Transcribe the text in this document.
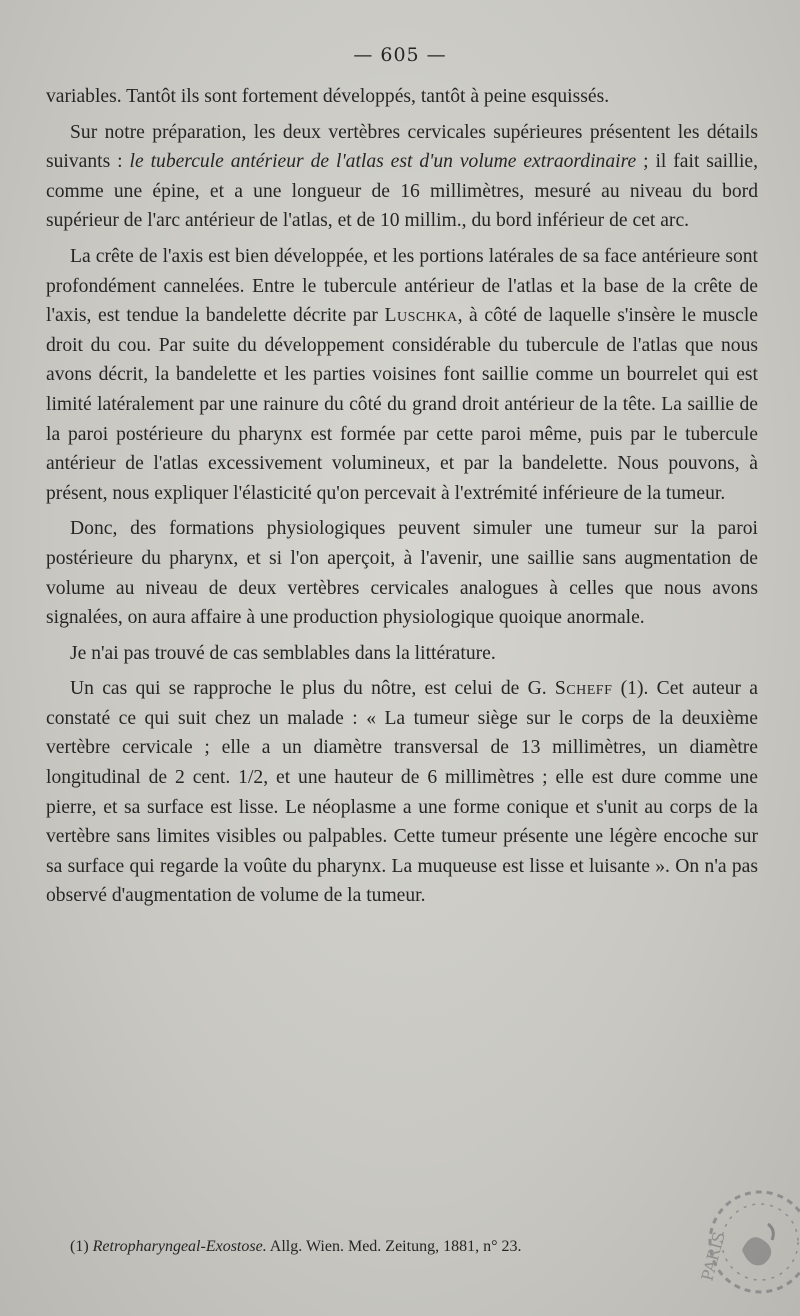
— 605 —

variables. Tantôt ils sont fortement développés, tantôt à peine esquissés.

Sur notre préparation, les deux vertèbres cervicales supérieures présentent les détails suivants : le tubercule antérieur de l'atlas est d'un volume extraordinaire ; il fait saillie, comme une épine, et a une longueur de 16 millimètres, mesuré au niveau du bord supérieur de l'arc antérieur de l'atlas, et de 10 millim., du bord inférieur de cet arc.

La crête de l'axis est bien développée, et les portions latérales de sa face antérieure sont profondément cannelées. Entre le tubercule antérieur de l'atlas et la base de la crête de l'axis, est tendue la bandelette décrite par Luschka, à côté de laquelle s'insère le muscle droit du cou. Par suite du développement considérable du tubercule de l'atlas que nous avons décrit, la bandelette et les parties voisines font saillie comme un bourrelet qui est limité latéralement par une rainure du côté du grand droit antérieur de la tête. La saillie de la paroi postérieure du pharynx est formée par cette paroi même, puis par le tubercule antérieur de l'atlas excessivement volumineux, et par la bandelette. Nous pouvons, à présent, nous expliquer l'élasticité qu'on percevait à l'extrémité inférieure de la tumeur.

Donc, des formations physiologiques peuvent simuler une tumeur sur la paroi postérieure du pharynx, et si l'on aperçoit, à l'avenir, une saillie sans augmentation de volume au niveau de deux vertèbres cervicales analogues à celles que nous avons signalées, on aura affaire à une production physiologique quoique anormale.

Je n'ai pas trouvé de cas semblables dans la littérature.

Un cas qui se rapproche le plus du nôtre, est celui de G. Scheff (1). Cet auteur a constaté ce qui suit chez un malade : « La tumeur siège sur le corps de la deuxième vertèbre cervicale ; elle a un diamètre transversal de 13 millimètres, un diamètre longitudinal de 2 cent. 1/2, et une hauteur de 6 millimètres ; elle est dure comme une pierre, et sa surface est lisse. Le néoplasme a une forme conique et s'unit au corps de la vertèbre sans limites visibles ou palpables. Cette tumeur présente une légère encoche sur sa surface qui regarde la voûte du pharynx. La muqueuse est lisse et luisante ». On n'a pas observé d'augmentation de volume de la tumeur.

(1) Retropharyngeal-Exostose. Allg. Wien. Med. Zeitung, 1881, n° 23.	PARIS
